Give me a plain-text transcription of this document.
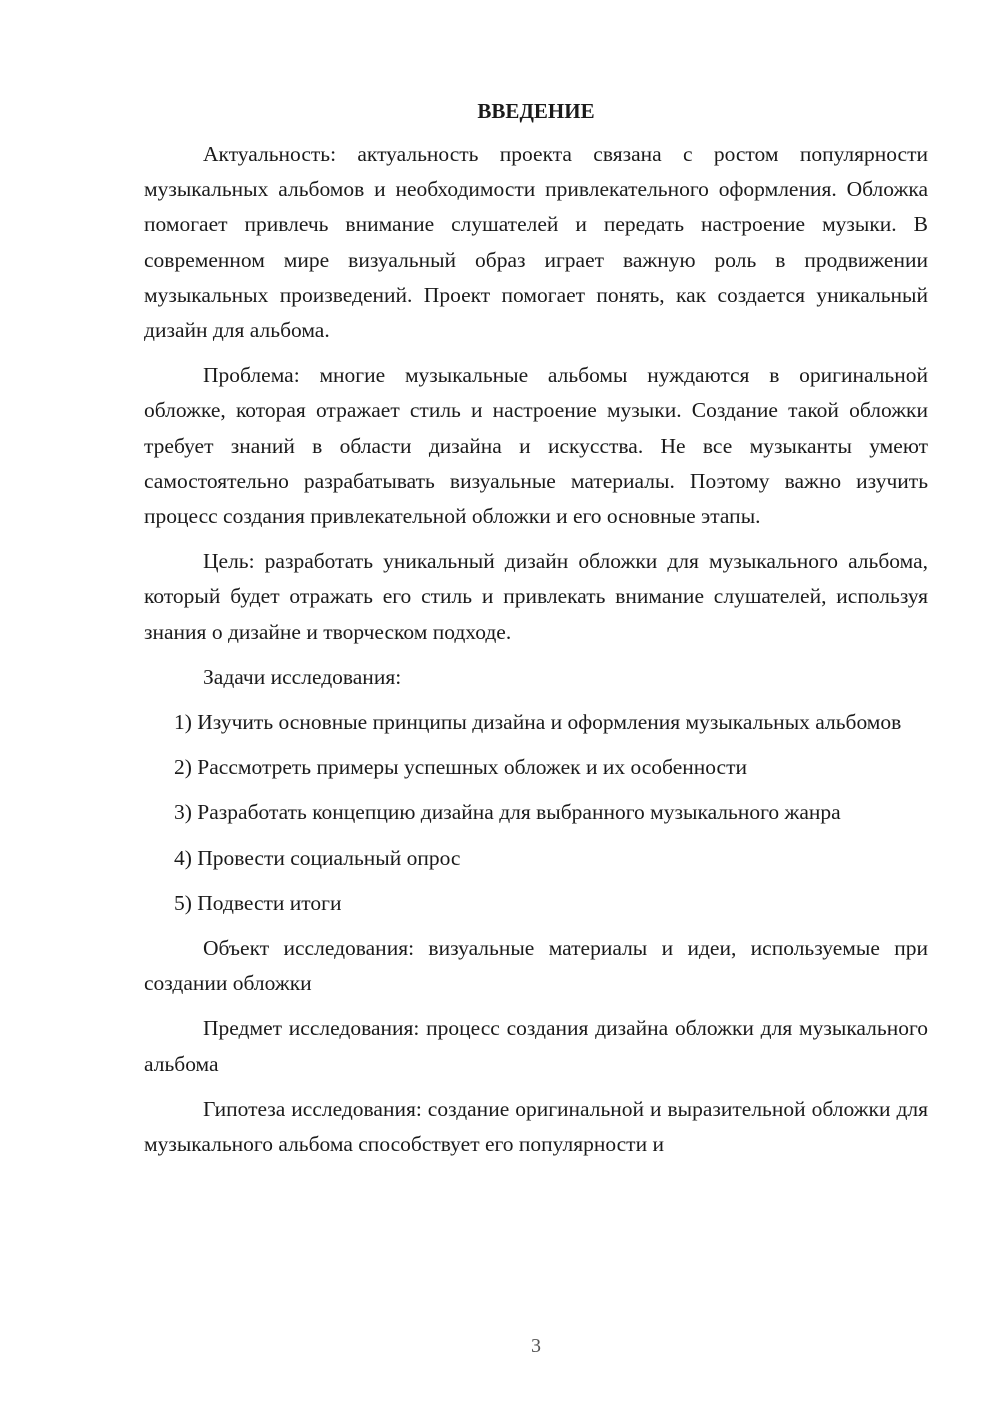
ВВЕДЕНИЕ

Актуальность: актуальность проекта связана с ростом популярности музыкальных альбомов и необходимости привлекательного оформления. Обложка помогает привлечь внимание слушателей и передать настроение музыки. В современном мире визуальный образ играет важную роль в продвижении музыкальных произведений. Проект помогает понять, как создается уникальный дизайн для альбома.

Проблема: многие музыкальные альбомы нуждаются в оригинальной обложке, которая отражает стиль и настроение музыки. Создание такой обложки требует знаний в области дизайна и искусства. Не все музыканты умеют самостоятельно разрабатывать визуальные материалы. Поэтому важно изучить процесс создания привлекательной обложки и его основные этапы.

Цель: разработать уникальный дизайн обложки для музыкального альбома, который будет отражать его стиль и привлекать внимание слушателей, используя знания о дизайне и творческом подходе.

Задачи исследования:

1) Изучить основные принципы дизайна и оформления музыкальных альбомов

2) Рассмотреть примеры успешных обложек и их особенности

3) Разработать концепцию дизайна для выбранного музыкального жанра

4) Провести социальный опрос

5) Подвести итоги

Объект исследования: визуальные материалы и идеи, используемые при создании обложки

Предмет исследования: процесс создания дизайна обложки для музыкального альбома

Гипотеза исследования: создание оригинальной и выразительной обложки для музыкального альбома способствует его популярности и

3
